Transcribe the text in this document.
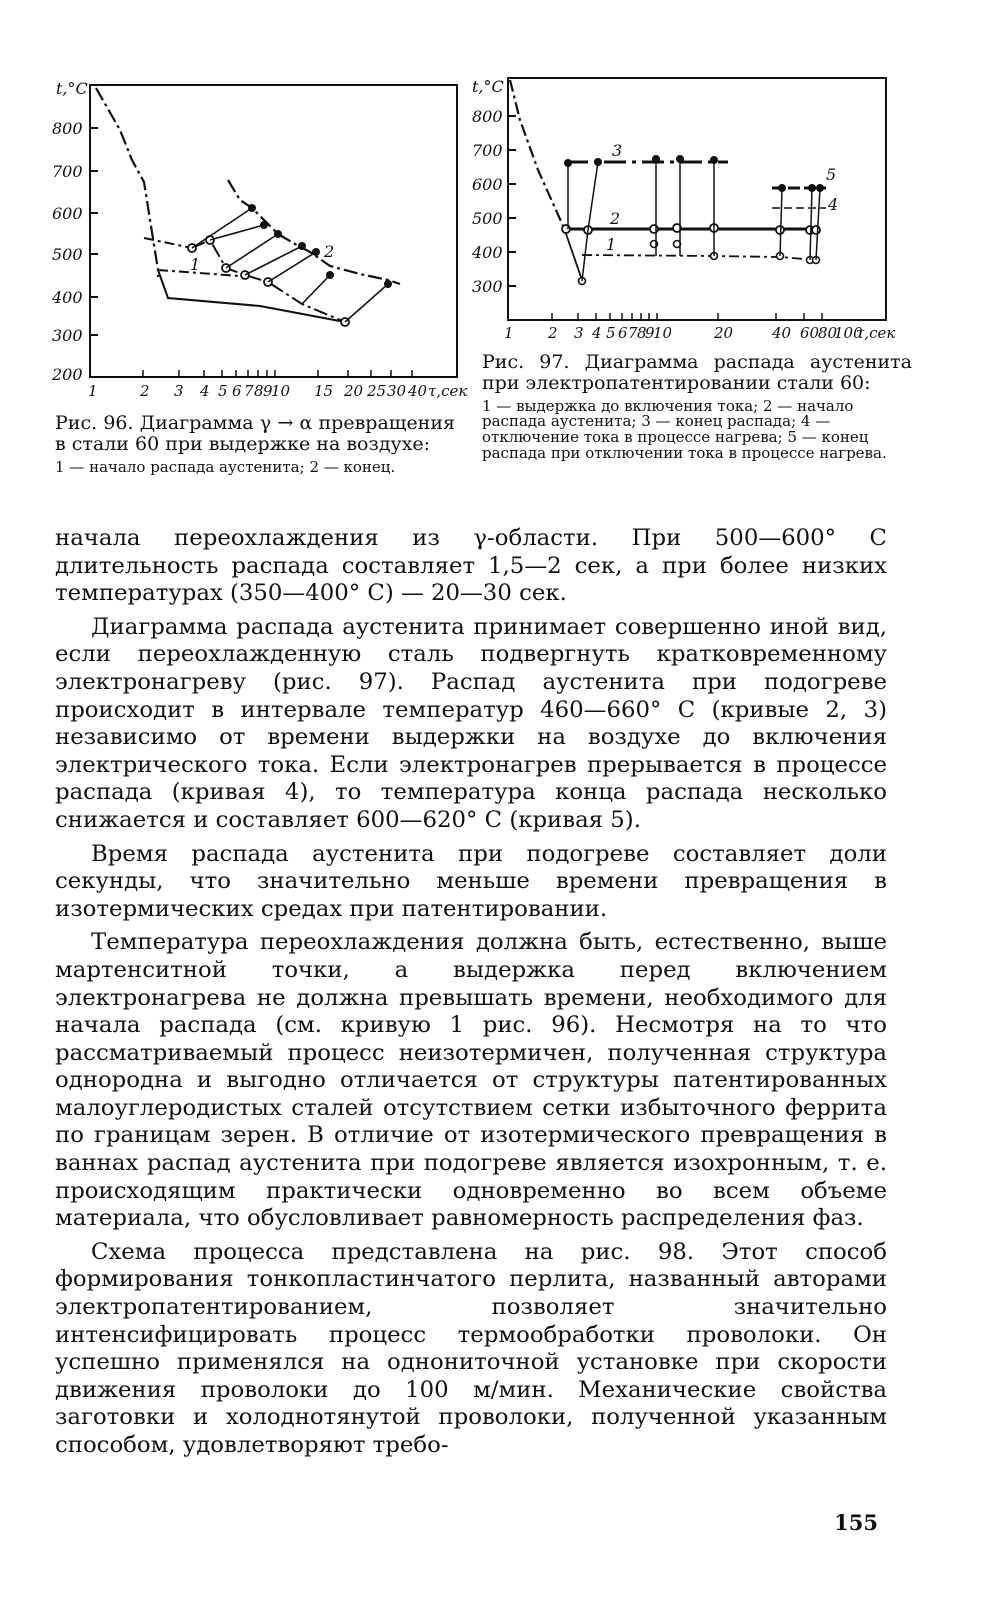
t,°C
800
700
600
500
400
300
200
1	2 3 4 5 6 7 8 9
10 15 20 25 30 40 τ,сек
1
2
t,°C
800
700
600
500
400
300
1 2 3 4 5 6 7 8
9
10	20	40 60
80
100
τ,сек
3
2
1
5
4
Рис. 96. Диаграмма γ → α превращения в стали 60 при выдержке на воздухе:
1 — начало распада аустенита; 2 — конец.
Рис. 97. Диаграмма распада аустенита при электропатентировании стали 60:
1 — выдержка до включения тока; 2 — начало распада аустенита; 3 — конец распада; 4 — отключение тока в процессе нагрева; 5 — конец распада при отключении тока в процессе нагрева.

начала переохлаждения из γ-области. При 500—600° С длительность распада составляет 1,5—2 сек, а при более низких температурах (350—400° С) — 20—30 сек.

Диаграмма распада аустенита принимает совершенно иной вид, если переохлажденную сталь подвергнуть кратковременному электронагреву (рис. 97). Распад аустенита при подогреве происходит в интервале температур 460—660° С (кривые 2, 3) независимо от времени выдержки на воздухе до включения электрического тока. Если электронагрев прерывается в процессе распада (кривая 4), то температура конца распада несколько снижается и составляет 600—620° С (кривая 5).

Время распада аустенита при подогреве составляет доли секунды, что значительно меньше времени превращения в изотермических средах при патентировании.

Температура переохлаждения должна быть, естественно, выше мартенситной точки, а выдержка перед включением электронагрева не должна превышать времени, необходимого для начала распада (см. кривую 1 рис. 96). Несмотря на то что рассматриваемый процесс неизотермичен, полученная структура однородна и выгодно отличается от структуры патентированных малоуглеродистых сталей отсутствием сетки избыточного феррита по границам зерен. В отличие от изотермического превращения в ваннах распад аустенита при подогреве является изохронным, т. е. происходящим практически одновременно во всем объеме материала, что обусловливает равномерность распределения фаз.

Схема процесса представлена на рис. 98. Этот способ формирования тонкопластинчатого перлита, названный авторами электропатентированием, позволяет значительно интенсифицировать процесс термообработки проволоки. Он успешно применялся на однониточной установке при скорости движения проволоки до 100 м/мин. Механические свойства заготовки и холоднотянутой проволоки, полученной указанным способом, удовлетворяют требо-

155
